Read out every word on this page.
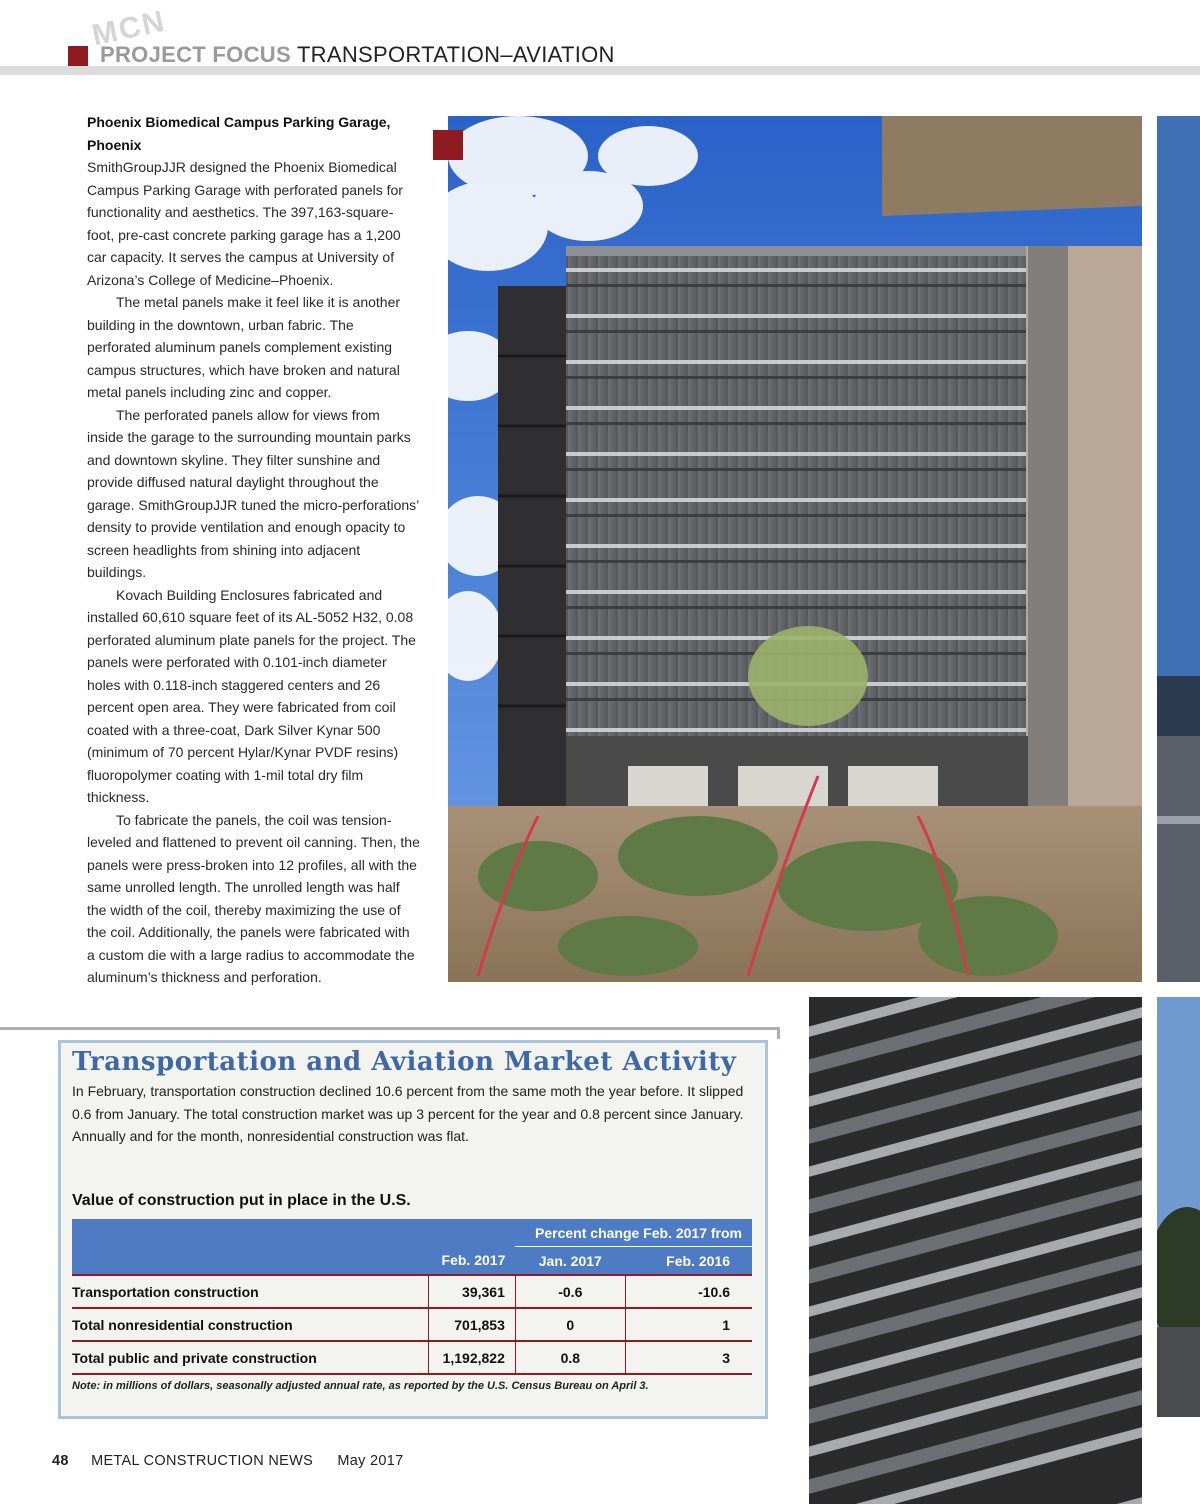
MCN
PROJECT FOCUS TRANSPORTATION–AVIATION
Phoenix Biomedical Campus Parking Garage, Phoenix

SmithGroupJJR designed the Phoenix Biomedical Campus Parking Garage with perforated panels for functionality and aesthetics. The 397,163-square-foot, pre-cast concrete parking garage has a 1,200 car capacity. It serves the campus at University of Arizona’s College of Medicine–Phoenix.

The metal panels make it feel like it is another building in the downtown, urban fabric. The perforated aluminum panels complement existing campus structures, which have broken and natural metal panels including zinc and copper.

The perforated panels allow for views from inside the garage to the surrounding mountain parks and downtown skyline. They filter sunshine and provide diffused natural daylight throughout the garage. SmithGroupJJR tuned the micro-perforations’ density to provide ventilation and enough opacity to screen headlights from shining into adjacent buildings.

Kovach Building Enclosures fabricated and installed 60,610 square feet of its AL-5052 H32, 0.08 perforated aluminum plate panels for the project. The panels were perforated with 0.101-inch diameter holes with 0.118-inch staggered centers and 26 percent open area. They were fabricated from coil coated with a three-coat, Dark Silver Kynar 500 (minimum of 70 percent Hylar/Kynar PVDF resins) fluoropolymer coating with 1-mil total dry film thickness.

To fabricate the panels, the coil was tension-leveled and flattened to prevent oil canning. Then, the panels were press-broken into 12 profiles, all with the same unrolled length. The unrolled length was half the width of the coil, thereby maximizing the use of the coil. Additionally, the panels were fabricated with a custom die with a large radius to accommodate the aluminum’s thickness and perforation.

Transportation and Aviation Market Activity
In February, transportation construction declined 10.6 percent from the same moth the year before. It slipped 0.6 from January. The total construction market was up 3 percent for the year and 0.8 percent since January. Annually and for the month, nonresidential construction was flat.
Value of construction put in place in the U.S.
		Percent change Feb. 2017 from	
	Feb. 2017	Jan. 2017	Feb. 2016
Transportation construction	39,361	-0.6	-10.6
Total nonresidential construction	701,853	0	1
Total public and private construction	1,192,822	0.8	3
Note: in millions of dollars, seasonally adjusted annual rate, as reported by the U.S. Census Bureau on April 3.
48 METAL CONSTRUCTION NEWS May 2017
